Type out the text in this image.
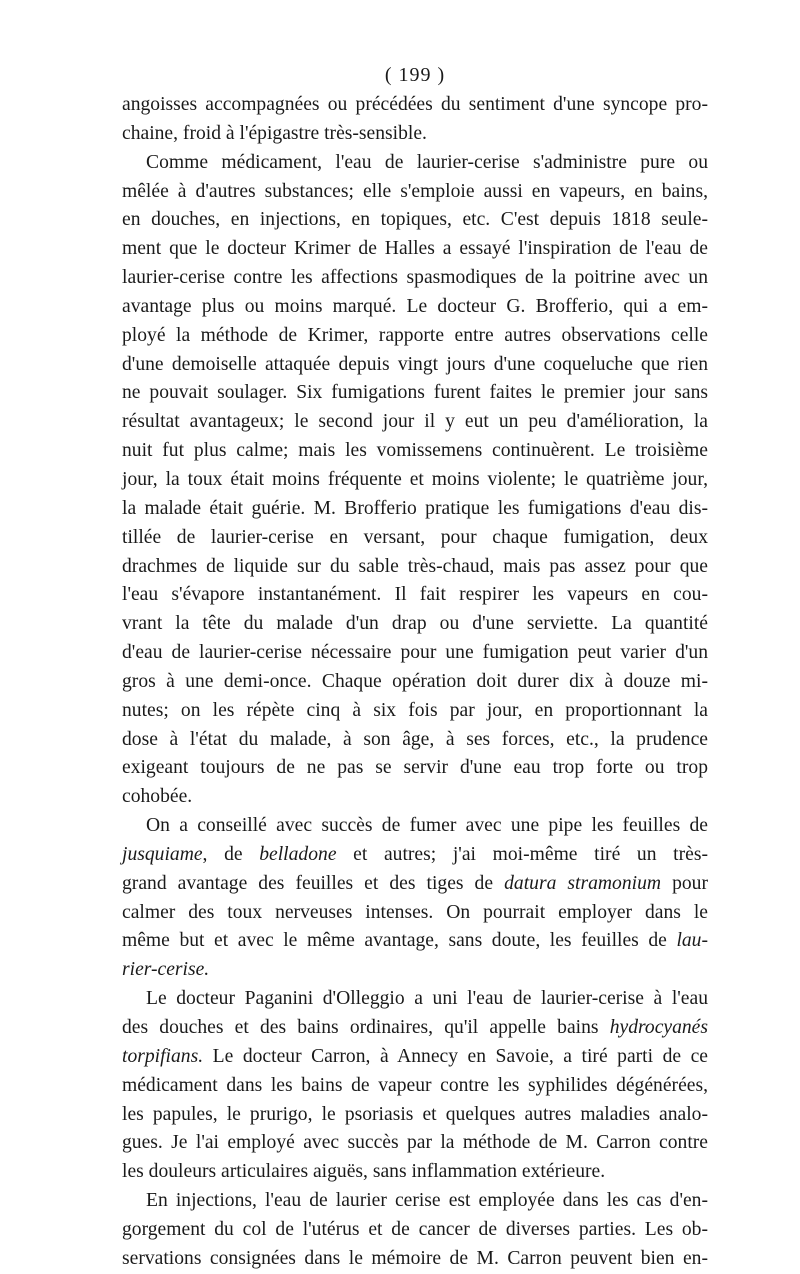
( 199 )
angoisses accompagnées ou précédées du sentiment d'une syncope pro-
chaine, froid à l'épigastre très-sensible.
Comme médicament, l'eau de laurier-cerise s'administre pure ou
mêlée à d'autres substances; elle s'emploie aussi en vapeurs, en bains,
en douches, en injections, en topiques, etc. C'est depuis 1818 seule-
ment que le docteur Krimer de Halles a essayé l'inspiration de l'eau de
laurier-cerise contre les affections spasmodiques de la poitrine avec un
avantage plus ou moins marqué. Le docteur G. Brofferio, qui a em-
ployé la méthode de Krimer, rapporte entre autres observations celle
d'une demoiselle attaquée depuis vingt jours d'une coqueluche que rien
ne pouvait soulager. Six fumigations furent faites le premier jour sans
résultat avantageux; le second jour il y eut un peu d'amélioration, la
nuit fut plus calme; mais les vomissemens continuèrent. Le troisième
jour, la toux était moins fréquente et moins violente; le quatrième jour,
la malade était guérie. M. Brofferio pratique les fumigations d'eau dis-
tillée de laurier-cerise en versant, pour chaque fumigation, deux
drachmes de liquide sur du sable très-chaud, mais pas assez pour que
l'eau s'évapore instantanément. Il fait respirer les vapeurs en cou-
vrant la tête du malade d'un drap ou d'une serviette. La quantité
d'eau de laurier-cerise nécessaire pour une fumigation peut varier d'un
gros à une demi-once. Chaque opération doit durer dix à douze mi-
nutes; on les répète cinq à six fois par jour, en proportionnant la
dose à l'état du malade, à son âge, à ses forces, etc., la prudence
exigeant toujours de ne pas se servir d'une eau trop forte ou trop
cohobée.
On a conseillé avec succès de fumer avec une pipe les feuilles de
jusquiame, de belladone et autres; j'ai moi-même tiré un très-
grand avantage des feuilles et des tiges de datura stramonium pour
calmer des toux nerveuses intenses. On pourrait employer dans le
même but et avec le même avantage, sans doute, les feuilles de lau-
rier-cerise.
Le docteur Paganini d'Olleggio a uni l'eau de laurier-cerise à l'eau
des douches et des bains ordinaires, qu'il appelle bains hydrocyanés
torpifians. Le docteur Carron, à Annecy en Savoie, a tiré parti de ce
médicament dans les bains de vapeur contre les syphilides dégénérées,
les papules, le prurigo, le psoriasis et quelques autres maladies analo-
gues. Je l'ai employé avec succès par la méthode de M. Carron contre
les douleurs articulaires aiguës, sans inflammation extérieure.
En injections, l'eau de laurier cerise est employée dans les cas d'en-
gorgement du col de l'utérus et de cancer de diverses parties. Les ob-
servations consignées dans le mémoire de M. Carron peuvent bien en-
